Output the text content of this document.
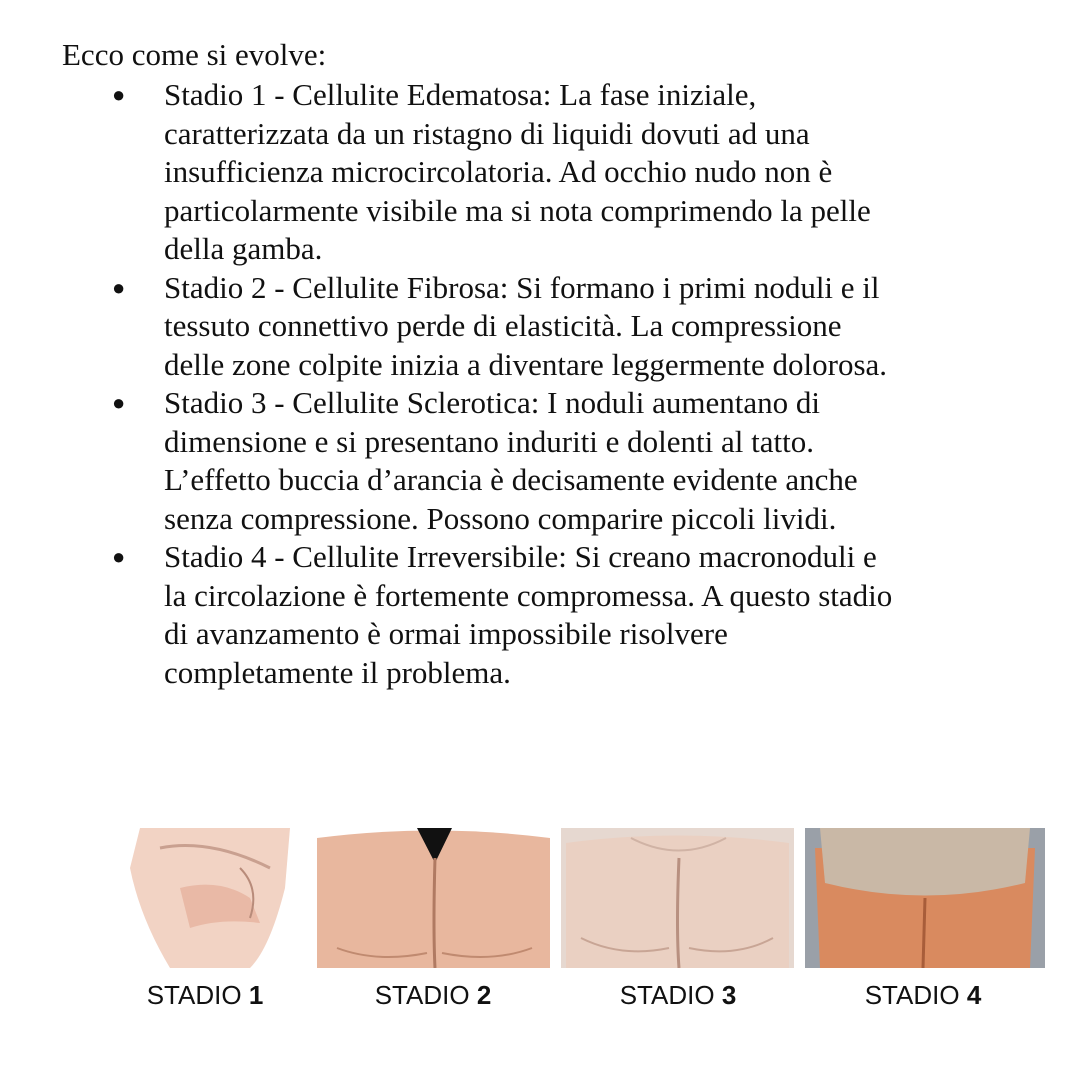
Ecco come si evolve:

● Stadio 1 - Cellulite Edematosa: La fase iniziale,
caratterizzata da un ristagno di liquidi dovuti ad una
insufficienza microcircolatoria. Ad occhio nudo non è
particolarmente visibile ma si nota comprimendo la pelle
della gamba.
● Stadio 2 - Cellulite Fibrosa: Si formano i primi noduli e il
tessuto connettivo perde di elasticità. La compressione
delle zone colpite inizia a diventare leggermente dolorosa.
● Stadio 3 - Cellulite Sclerotica: I noduli aumentano di
dimensione e si presentano induriti e dolenti al tatto.
L’effetto buccia d’arancia è decisamente evidente anche
senza compressione. Possono comparire piccoli lividi.
● Stadio 4 - Cellulite Irreversibile: Si creano macronoduli e
la circolazione è fortemente compromessa. A questo stadio
di avanzamento è ormai impossibile risolvere
completamente il problema.
STADIO 1	STADIO 2	STADIO 3	STADIO 4
